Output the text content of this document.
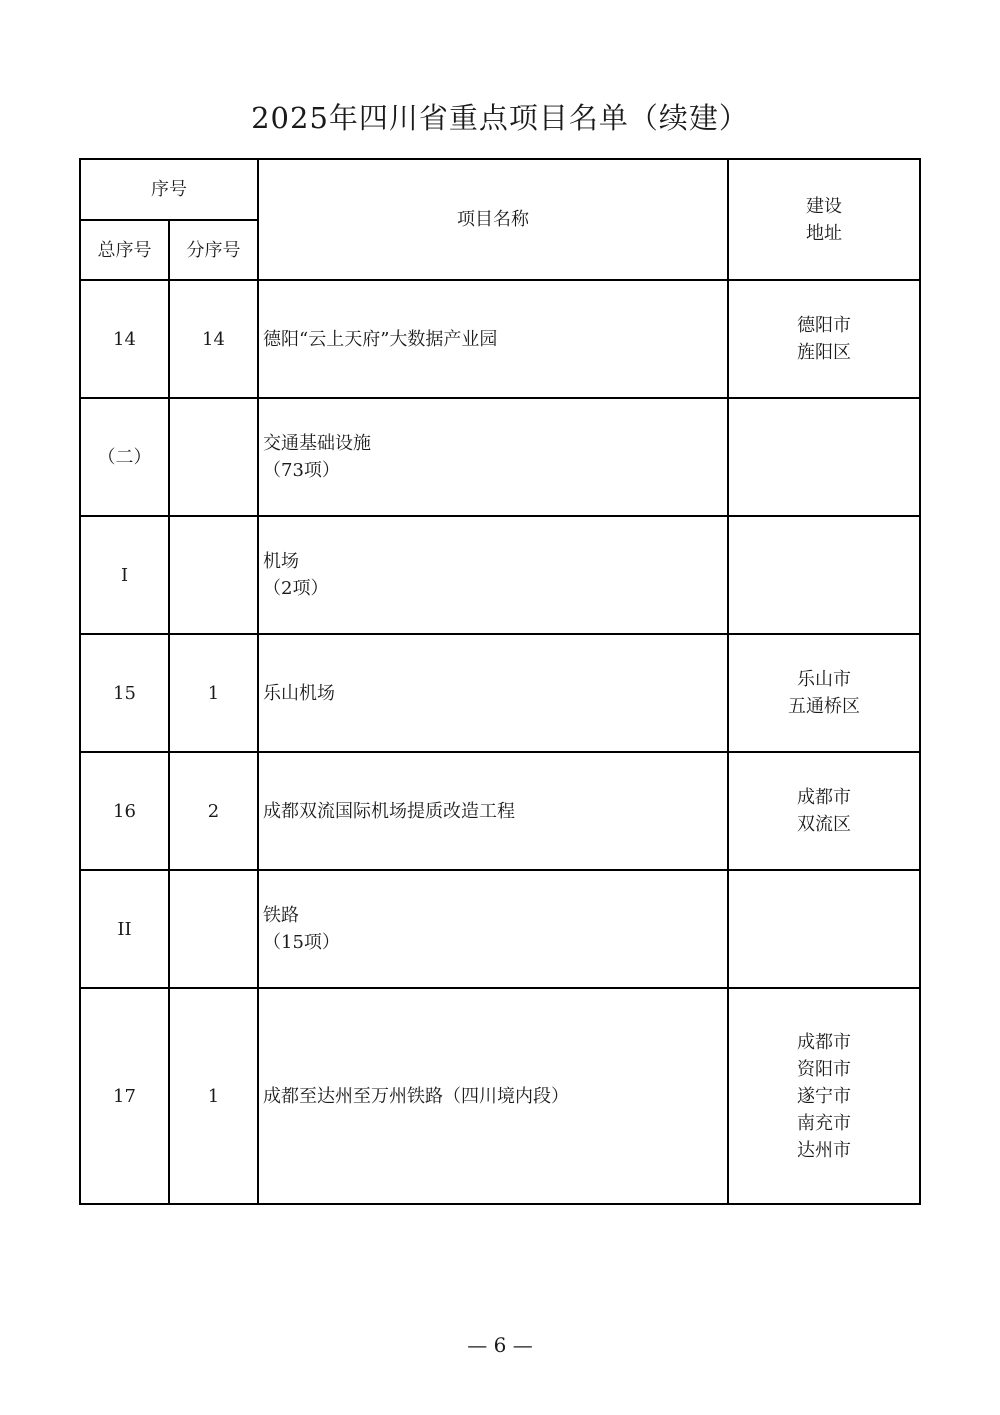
2025年四川省重点项目名单（续建）
序号		项目名称	建设
地址

总序号	分序号		
14	14	德阳“云上天府”大数据产业园	德阳市
旌阳区

（二）		交通基础设施
（73项）	

I		机场
（2项）	

15	1	乐山机场	乐山市
五通桥区

16	2	成都双流国际机场提质改造工程	成都市
双流区

II		铁路
（15项）	

17	1	成都至达州至万州铁路（四川境内段）	成都市
资阳市
遂宁市
南充市
达州市
— 6 —
